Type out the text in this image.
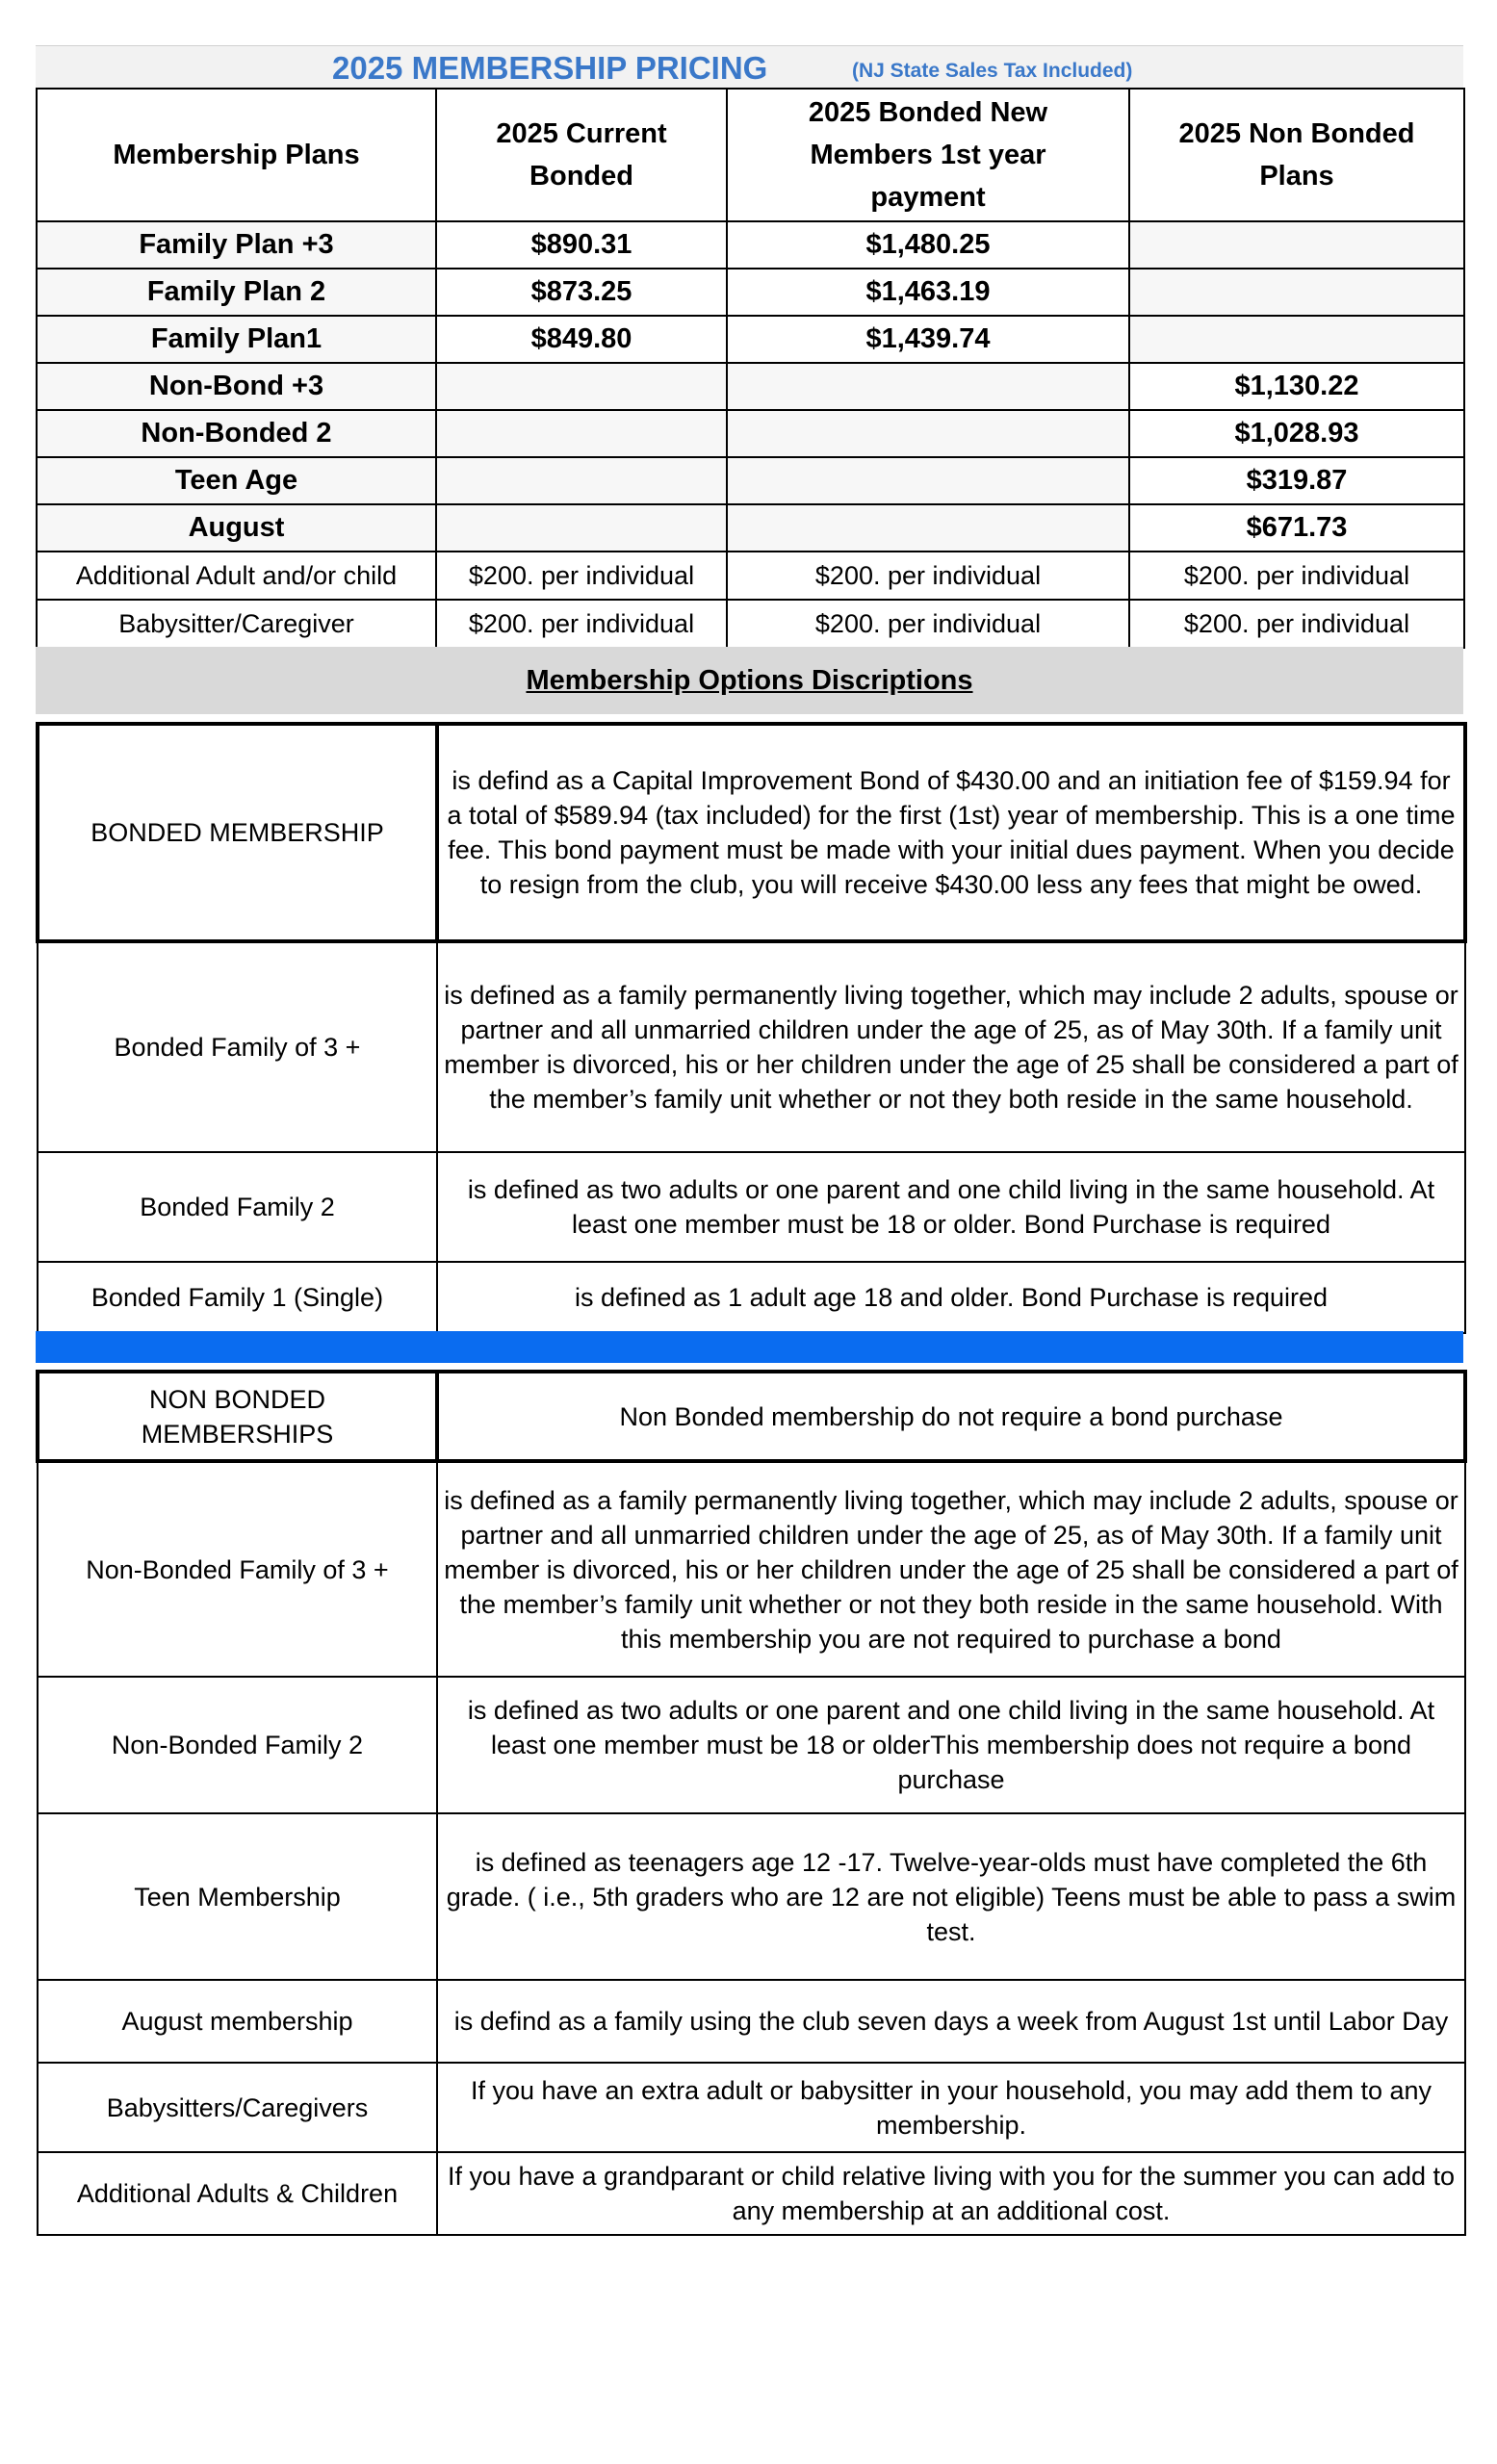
2025 MEMBERSHIP PRICING	(NJ State Sales Tax Included)
Membership Plans	2025 Current Bonded	2025 Bonded New Members 1st year payment	2025 Non Bonded Plans

Family Plan +3	$890.31	$1,480.25	
Family Plan 2	$873.25	$1,463.19	
Family Plan1	$849.80	$1,439.74	
Non-Bond +3			$1,130.22
Non-Bonded 2			$1,028.93
Teen Age			$319.87
August			$671.73
Additional Adult and/or child	$200. per individual	$200. per individual	$200. per individual
Babysitter/Caregiver	$200. per individual	$200. per individual	$200. per individual
Membership Options Discriptions
BONDED MEMBERSHIP	is defind as a Capital Improvement Bond of $430.00 and an initiation fee of $159.94 for a total of $589.94 (tax included) for the first (1st) year of membership. This is a one time fee. This bond payment must be made with your initial dues payment. When you decide to resign from the club, you will receive $430.00 less any fees that might be owed.
Bonded Family of 3 +	is defined as a family permanently living together, which may include 2 adults, spouse or partner and all unmarried children under the age of 25, as of May 30th. If a family unit member is divorced, his or her children under the age of 25 shall be considered a part of the member’s family unit whether or not they both reside in the same household.
Bonded Family 2	is defined as two adults or one parent and one child living in the same household. At least one member must be 18 or older. Bond Purchase is required
Bonded Family 1 (Single)	is defined as 1 adult age 18 and older. Bond Purchase is required
NON BONDED MEMBERSHIPS	Non Bonded membership do not require a bond purchase
Non-Bonded Family of 3 +	is defined as a family permanently living together, which may include 2 adults, spouse or partner and all unmarried children under the age of 25, as of May 30th. If a family unit member is divorced, his or her children under the age of 25 shall be considered a part of the member’s family unit whether or not they both reside in the same household. With this membership you are not required to purchase a bond
Non-Bonded Family 2	is defined as two adults or one parent and one child living in the same household. At least one member must be 18 or olderThis membership does not require a bond purchase
Teen Membership	is defined as teenagers age 12 -17. Twelve-year-olds must have completed the 6th grade. ( i.e., 5th graders who are 12 are not eligible) Teens must be able to pass a swim test.
August membership	is defind as a family using the club seven days a week from August 1st until Labor Day
Babysitters/Caregivers	If you have an extra adult or babysitter in your household, you may add them to any membership.
Additional Adults & Children	If you have a grandparant or child relative living with you for the summer you can add to any membership at an additional cost.
